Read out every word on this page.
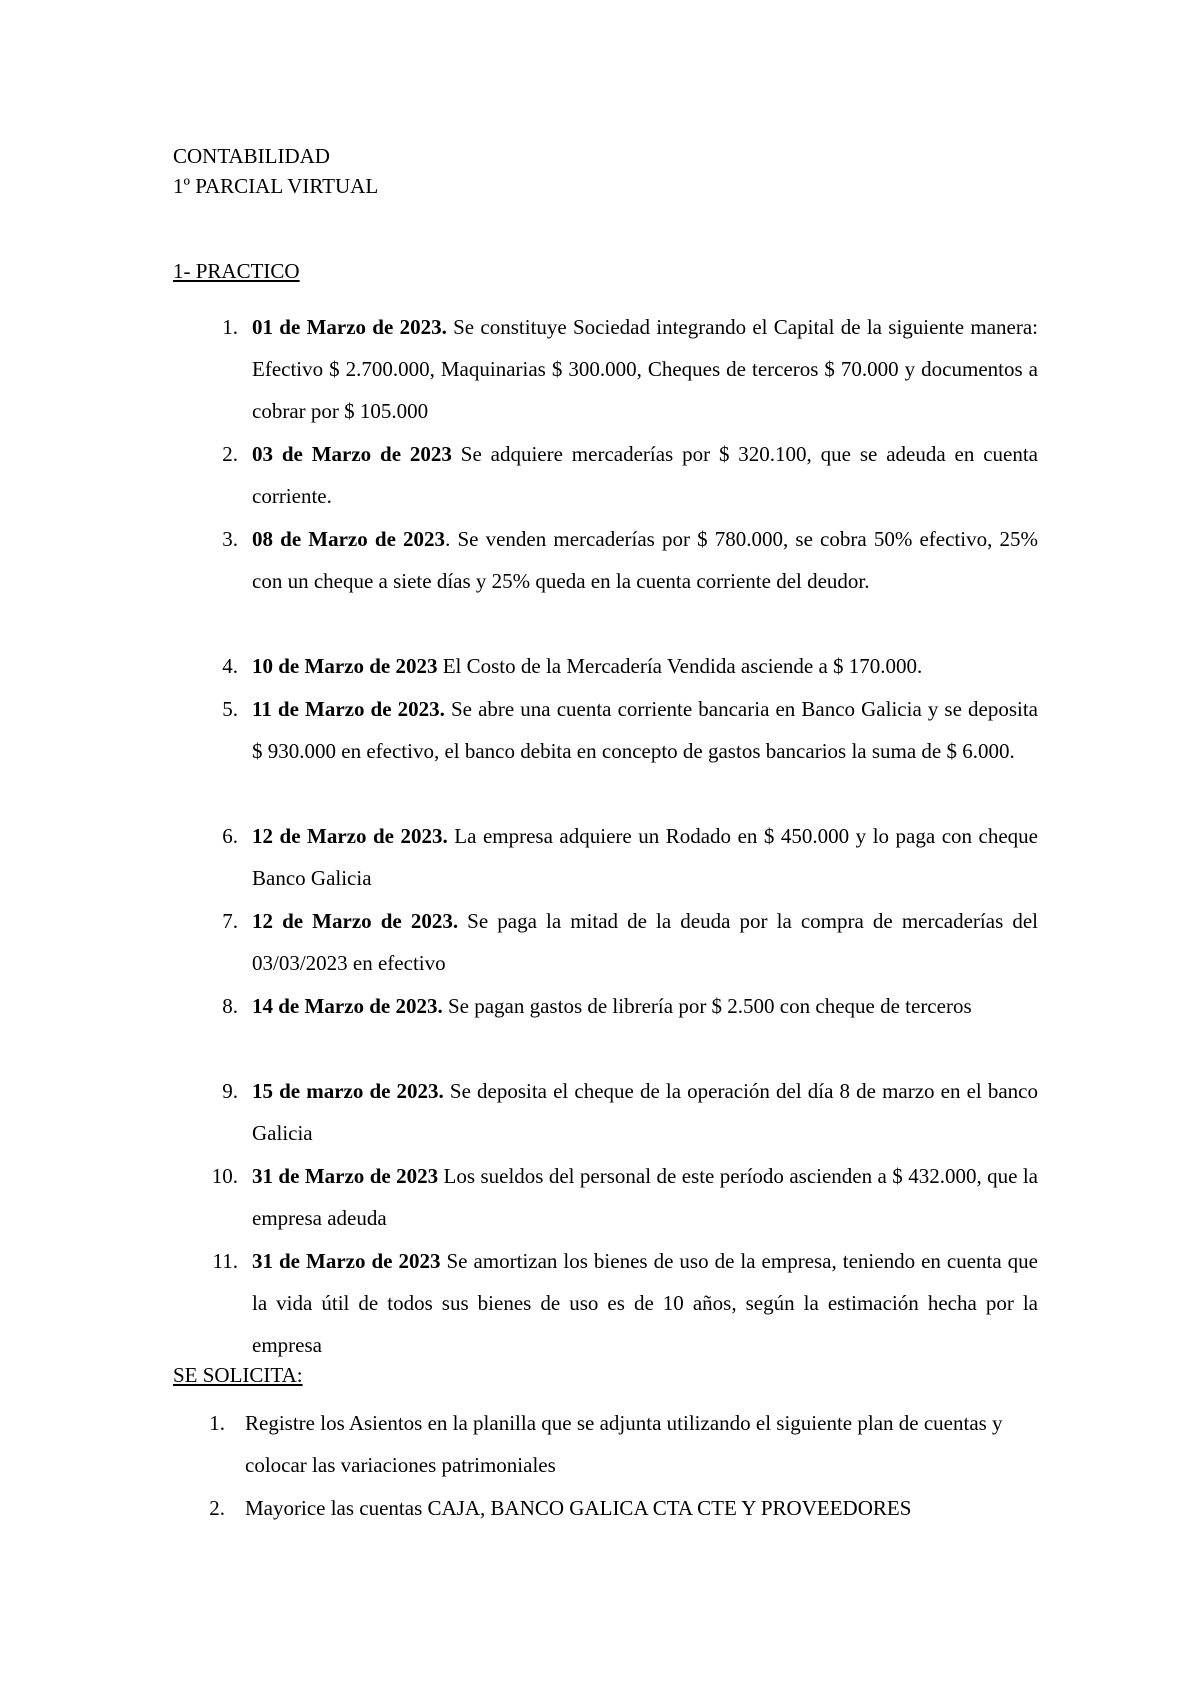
CONTABILIDAD
1º PARCIAL VIRTUAL
1- PRACTICO
1. 01 de Marzo de 2023. Se constituye Sociedad integrando el Capital de la siguiente manera: Efectivo $ 2.700.000, Maquinarias $ 300.000, Cheques de terceros $ 70.000 y documentos a cobrar por $ 105.000
2. 03 de Marzo de 2023 Se adquiere mercaderías por $ 320.100, que se adeuda en cuenta corriente.
3. 08 de Marzo de 2023. Se venden mercaderías por $ 780.000, se cobra 50% efectivo, 25% con un cheque a siete días y 25% queda en la cuenta corriente del deudor.
4. 10 de Marzo de 2023 El Costo de la Mercadería Vendida asciende a $ 170.000.
5. 11 de Marzo de 2023. Se abre una cuenta corriente bancaria en Banco Galicia y se deposita $ 930.000 en efectivo, el banco debita en concepto de gastos bancarios la suma de $ 6.000.
6. 12 de Marzo de 2023. La empresa adquiere un Rodado en $ 450.000 y lo paga con cheque Banco Galicia
7. 12 de Marzo de 2023. Se paga la mitad de la deuda por la compra de mercaderías del 03/03/2023 en efectivo
8. 14 de Marzo de 2023. Se pagan gastos de librería por $ 2.500 con cheque de terceros
9. 15 de marzo de 2023. Se deposita el cheque de la operación del día 8 de marzo en el banco Galicia
10. 31 de Marzo de 2023 Los sueldos del personal de este período ascienden a $ 432.000, que la empresa adeuda
11. 31 de Marzo de 2023 Se amortizan los bienes de uso de la empresa, teniendo en cuenta que la vida útil de todos sus bienes de uso es de 10 años, según la estimación hecha por la empresa
SE SOLICITA:
1. Registre los Asientos en la planilla que se adjunta utilizando el siguiente plan de cuentas y colocar las variaciones patrimoniales
2. Mayorice las cuentas CAJA, BANCO GALICA CTA CTE Y PROVEEDORES
